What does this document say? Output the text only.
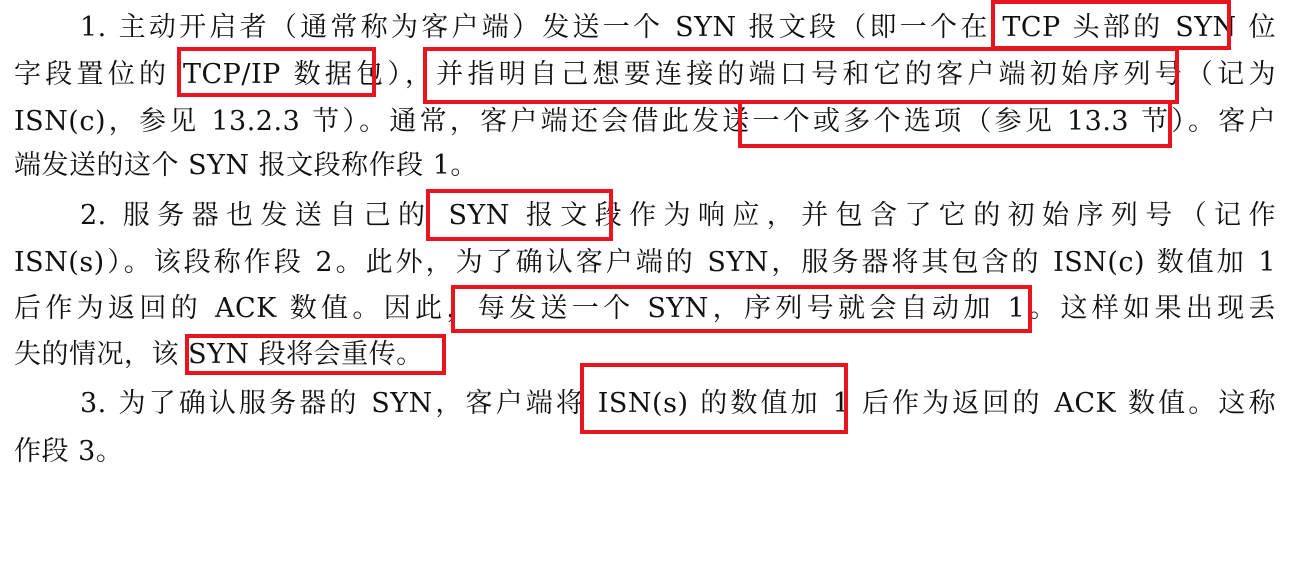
1. 主动开启者（通常称为客户端）发送一个 SYN 报文段（即一个在 TCP 头部的 SYN 位
字段置位的 TCP/IP 数据包），并指明自己想要连接的端口号和它的客户端初始序列号（记为
ISN(c)，参见 13.2.3 节）。通常，客户端还会借此发送一个或多个选项（参见 13.3 节）。客户
端发送的这个 SYN 报文段称作段 1。
2. 服务器也发送自己的 SYN 报文段作为响应，并包含了它的初始序列号（记作
ISN(s)）。该段称作段 2。此外，为了确认客户端的 SYN，服务器将其包含的 ISN(c) 数值加 1
后作为返回的 ACK 数值。因此，每发送一个 SYN，序列号就会自动加 1。这样如果出现丢
失的情况，该 SYN 段将会重传。
3. 为了确认服务器的 SYN，客户端将 ISN(s) 的数值加 1 后作为返回的 ACK 数值。这称
作段 3。
